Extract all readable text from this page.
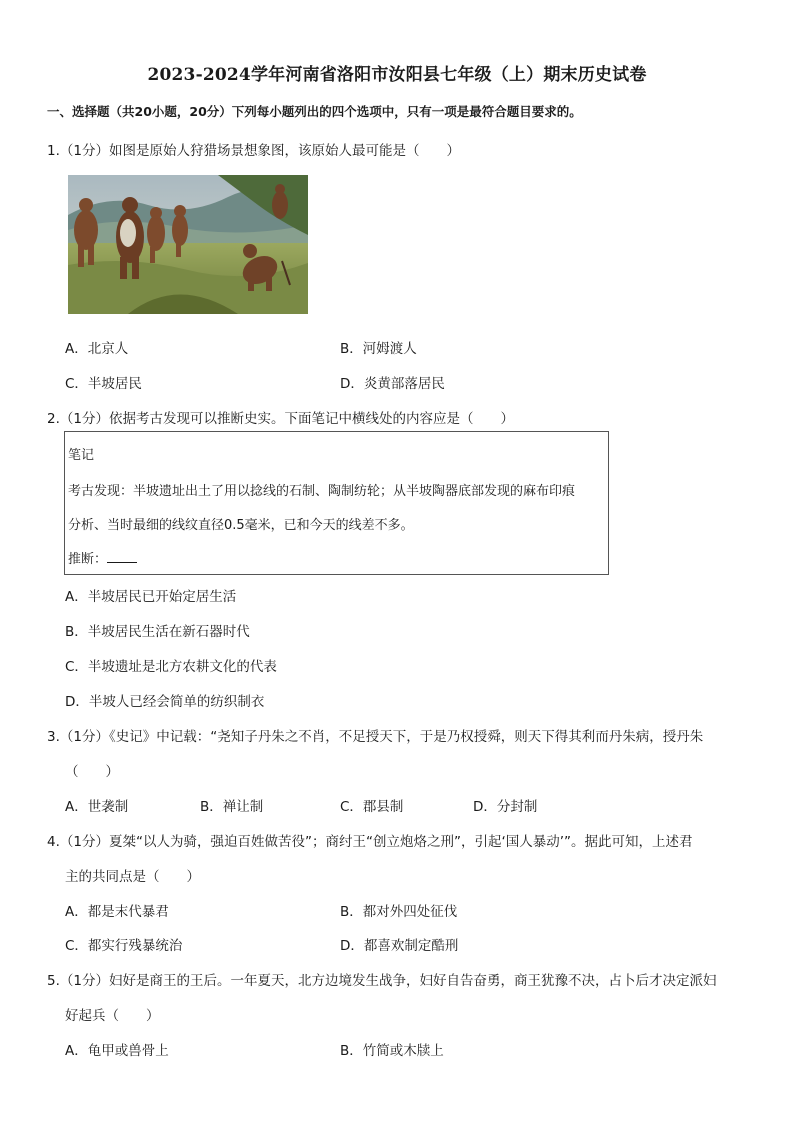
2023-2024学年河南省洛阳市汝阳县七年级（上）期末历史试卷
一、选择题（共20小题，20分）下列每小题列出的四个选项中，只有一项是最符合题目要求的。
1.（1分）如图是原始人狩猎场景想象图，该原始人最可能是（　　）
A．北京人	B．河姆渡人
C．半坡居民	D．炎黄部落居民
2.（1分）依据考古发现可以推断史实。下面笔记中横线处的内容应是（　　）
笔记
考古发现：半坡遗址出土了用以捻线的石制、陶制纺轮；从半坡陶器底部发现的麻布印痕
分析、当时最细的线纹直径0.5毫米，已和今天的线差不多。
推断：
A．半坡居民已开始定居生活
B．半坡居民生活在新石器时代
C．半坡遗址是北方农耕文化的代表
D．半坡人已经会简单的纺织制衣
3.（1分）《史记》中记载：“尧知子丹朱之不肖，不足授天下，于是乃权授舜，则天下得其利而丹朱病，授丹朱
（　　）
A．世袭制	B．禅让制	C．郡县制	D．分封制
4.（1分）夏桀“以人为骑，强迫百姓做苦役”；商纣王“创立炮烙之刑”，引起‘国人暴动’”。据此可知，上述君
主的共同点是（　　）
A．都是末代暴君	B．都对外四处征伐
C．都实行残暴统治	D．都喜欢制定酷刑
5.（1分）妇好是商王的王后。一年夏天，北方边境发生战争，妇好自告奋勇，商王犹豫不决，占卜后才决定派妇
好起兵（　　）
A．龟甲或兽骨上	B．竹简或木牍上
